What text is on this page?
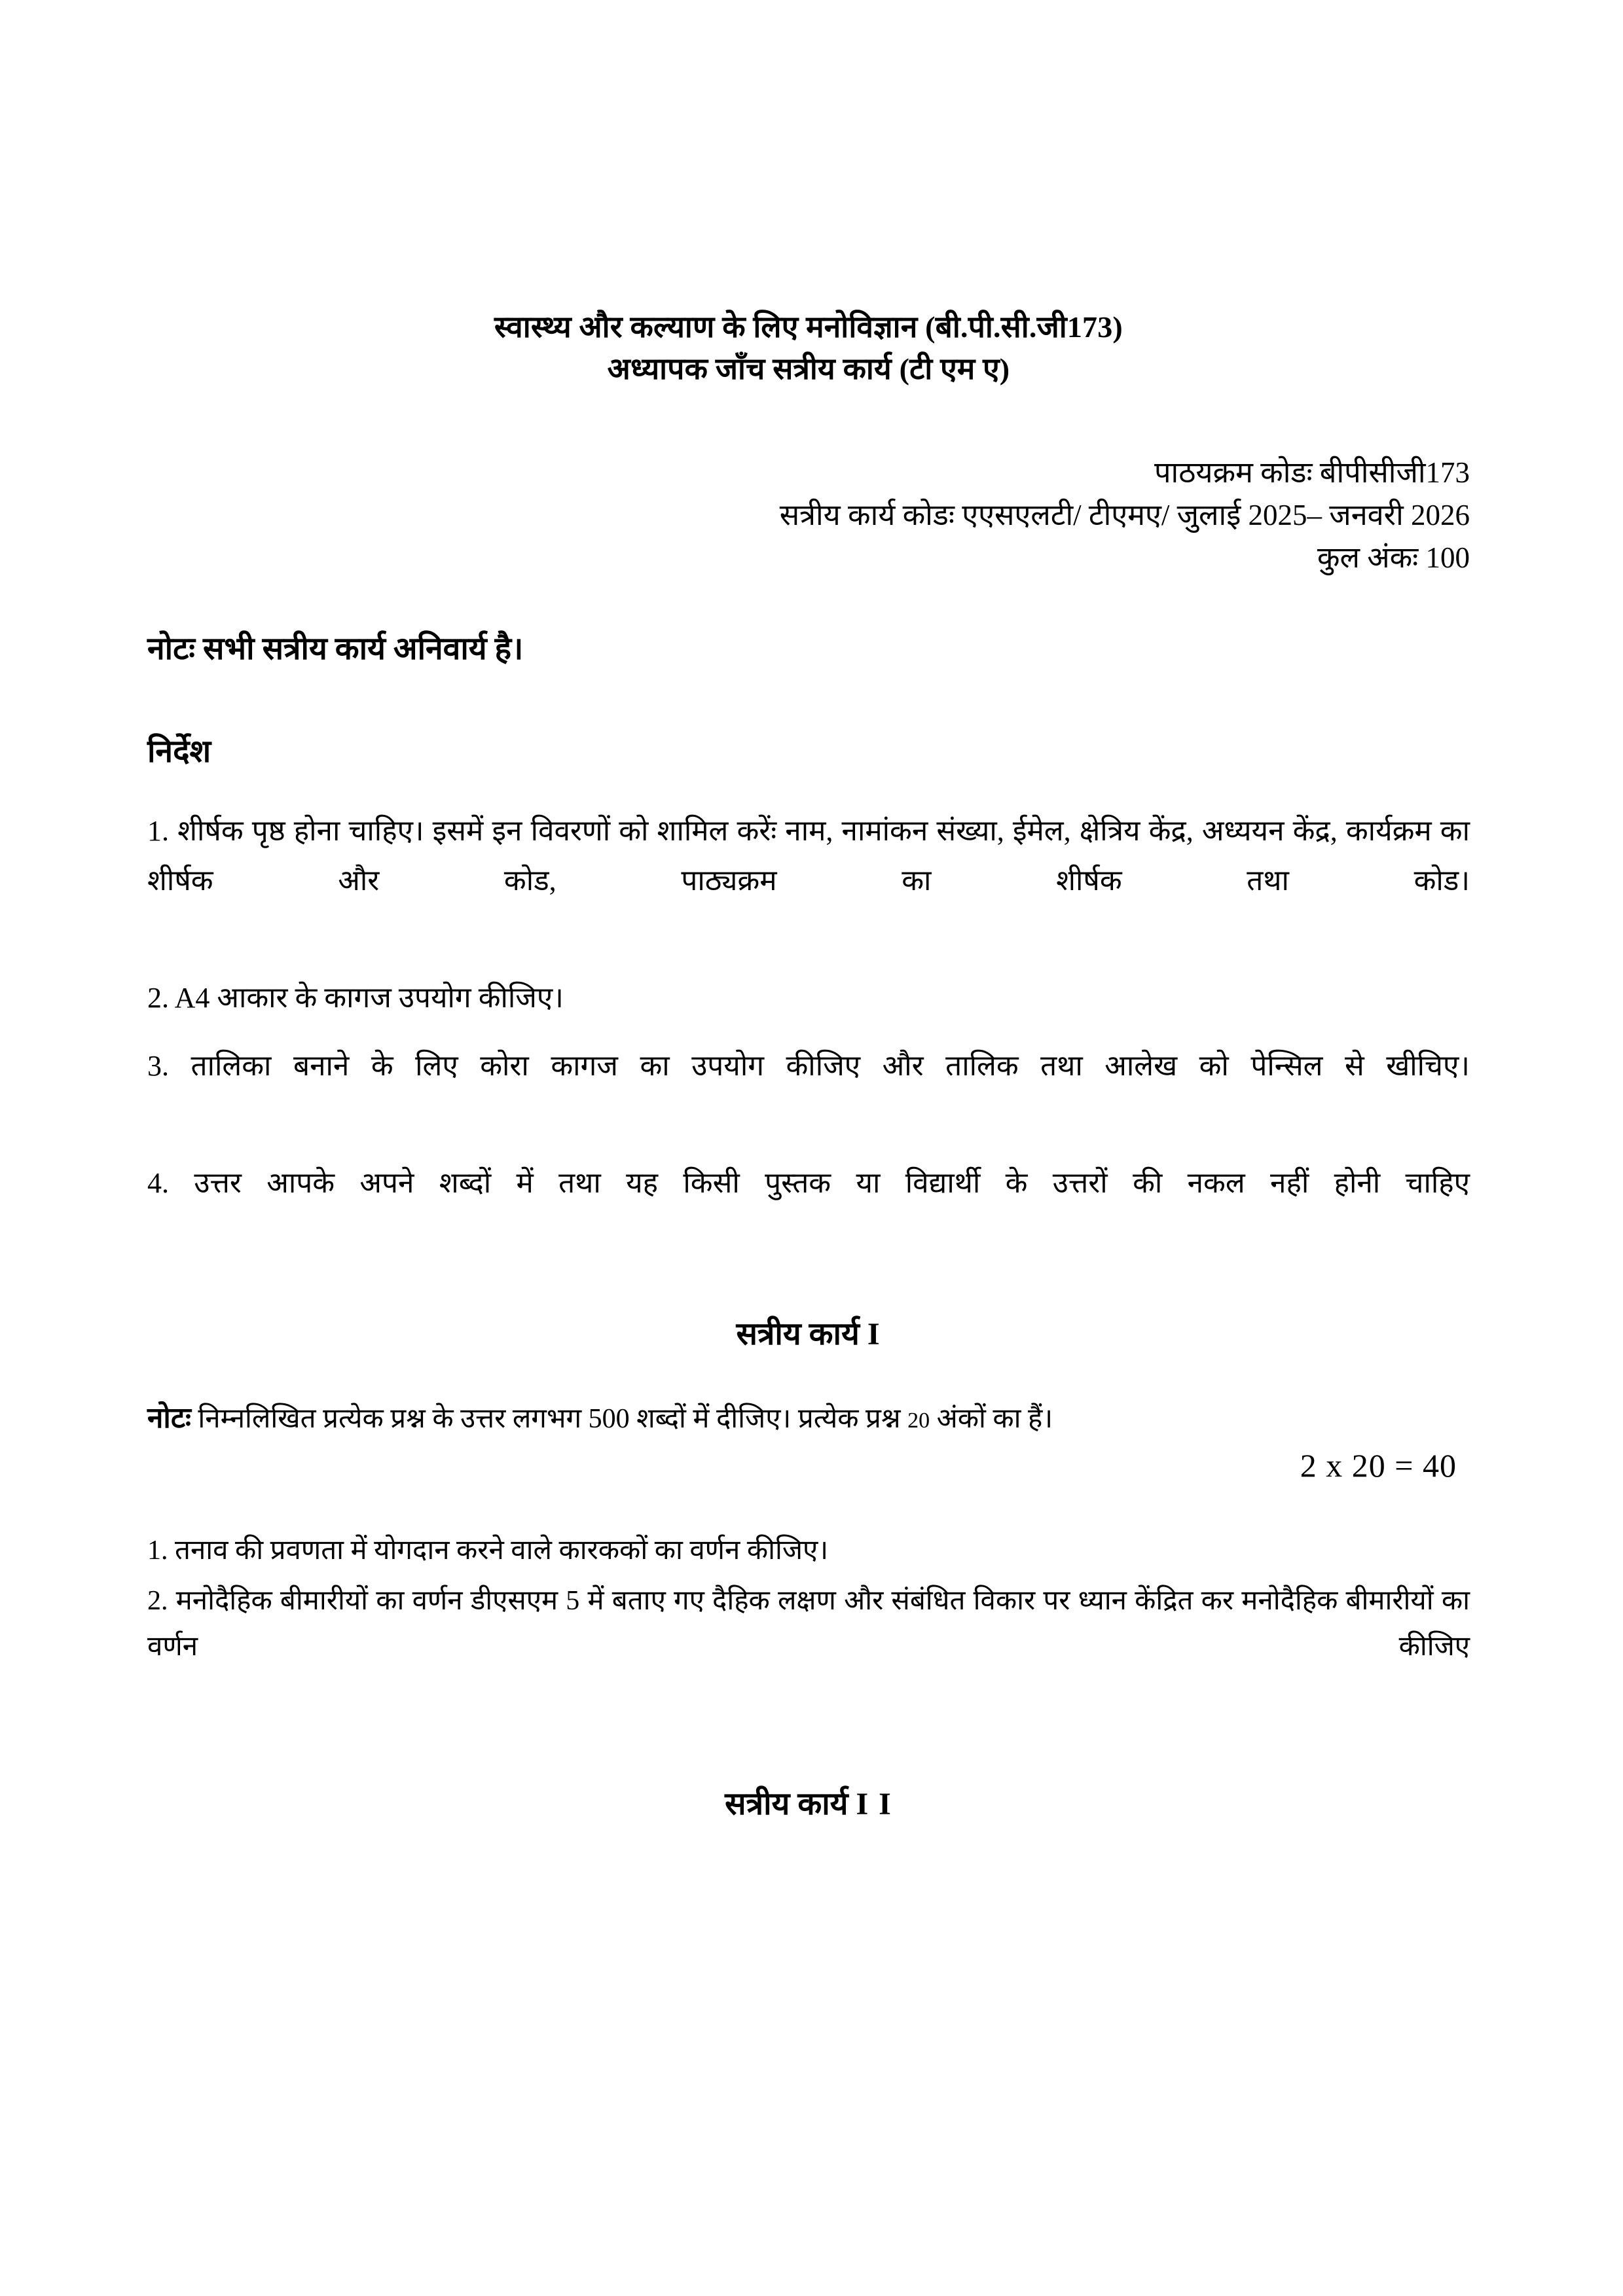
स्वास्थ्य और कल्याण के लिए मनोविज्ञान (बी.पी.सी.जी173)
अध्यापक जाँच सत्रीय कार्य (टी एम ए)
पाठयक्रम कोडः बीपीसीजी173
सत्रीय कार्य कोडः एएसएलटी/ टीएमए/ जुलाई 2025– जनवरी 2026
कुल अंकः 100
नोटः सभी सत्रीय कार्य अनिवार्य है।
निर्देश
1. शीर्षक पृष्ठ होना चाहिए। इसमें इन विवरणों को शामिल करेंः नाम, नामांकन संख्या, ईमेल, क्षेत्रिय केंद्र, अध्ययन केंद्र, कार्यक्रम का शीर्षक और कोड, पाठ्यक्रम का शीर्षक तथा कोड।
2. A4 आकार के कागज उपयोग कीजिए।
3. तालिका बनाने के लिए कोरा कागज का उपयोग कीजिए और तालिक तथा आलेख को पेन्सिल से खीचिए।
4. उत्तर आपके अपने शब्दों में तथा यह किसी पुस्तक या विद्यार्थी के उत्तरों की नकल नहीं होनी चाहिए
सत्रीय कार्य I
नोटः निम्नलिखित प्रत्येक प्रश्न के उत्तर लगभग 500 शब्दों में दीजिए। प्रत्येक प्रश्न 20 अंकों का हैं।
2 x 20 = 40
1. तनाव की प्रवणता में योगदान करने वाले कारककों का वर्णन कीजिए।
2. मनोदैहिक बीमारीयों का वर्णन डीएसएम 5 में बताए गए दैहिक लक्षण और संबंधित विकार पर ध्यान केंद्रित कर मनोदैहिक बीमारीयों का वर्णन कीजिए
सत्रीय कार्य I I
